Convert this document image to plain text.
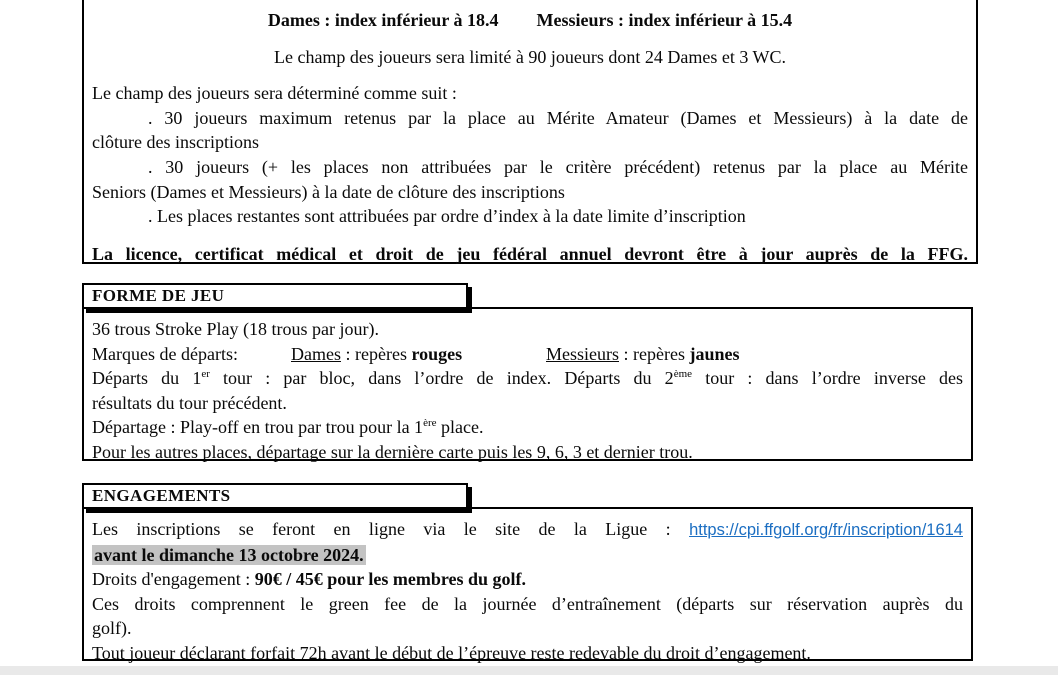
Dames : index inférieur à 18.4 Messieurs : index inférieur à 15.4
Le champ des joueurs sera limité à 90 joueurs dont 24 Dames et 3 WC.
Le champ des joueurs sera déterminé comme suit :
. 30 joueurs maximum retenus par la place au Mérite Amateur (Dames et Messieurs) à la date de
clôture des inscriptions
. 30 joueurs (+ les places non attribuées par le critère précédent) retenus par la place au Mérite
Seniors (Dames et Messieurs) à la date de clôture des inscriptions
. Les places restantes sont attribuées par ordre d’index à la date limite d’inscription
La licence, certificat médical et droit de jeu fédéral annuel devront être à jour auprès de la FFG.
FORME DE JEU
36 trous Stroke Play (18 trous par jour).
Marques de départs:	Dames : repères rouges	Messieurs : repères jaunes
Départs du 1er tour : par bloc, dans l’ordre de index. Départs du 2ème tour : dans l’ordre inverse des
résultats du tour précédent.
Départage : Play-off en trou par trou pour la 1ère place.
Pour les autres places, départage sur la dernière carte puis les 9, 6, 3 et dernier trou.
ENGAGEMENTS
Les inscriptions se feront en ligne via le site de la Ligue : https://cpi.ffgolf.org/fr/inscription/1614
avant le dimanche 13 octobre 2024.
Droits d'engagement : 90€ / 45€ pour les membres du golf.
Ces droits comprennent le green fee de la journée d’entraînement (départs sur réservation auprès du
golf).
Tout joueur déclarant forfait 72h avant le début de l’épreuve reste redevable du droit d’engagement.
